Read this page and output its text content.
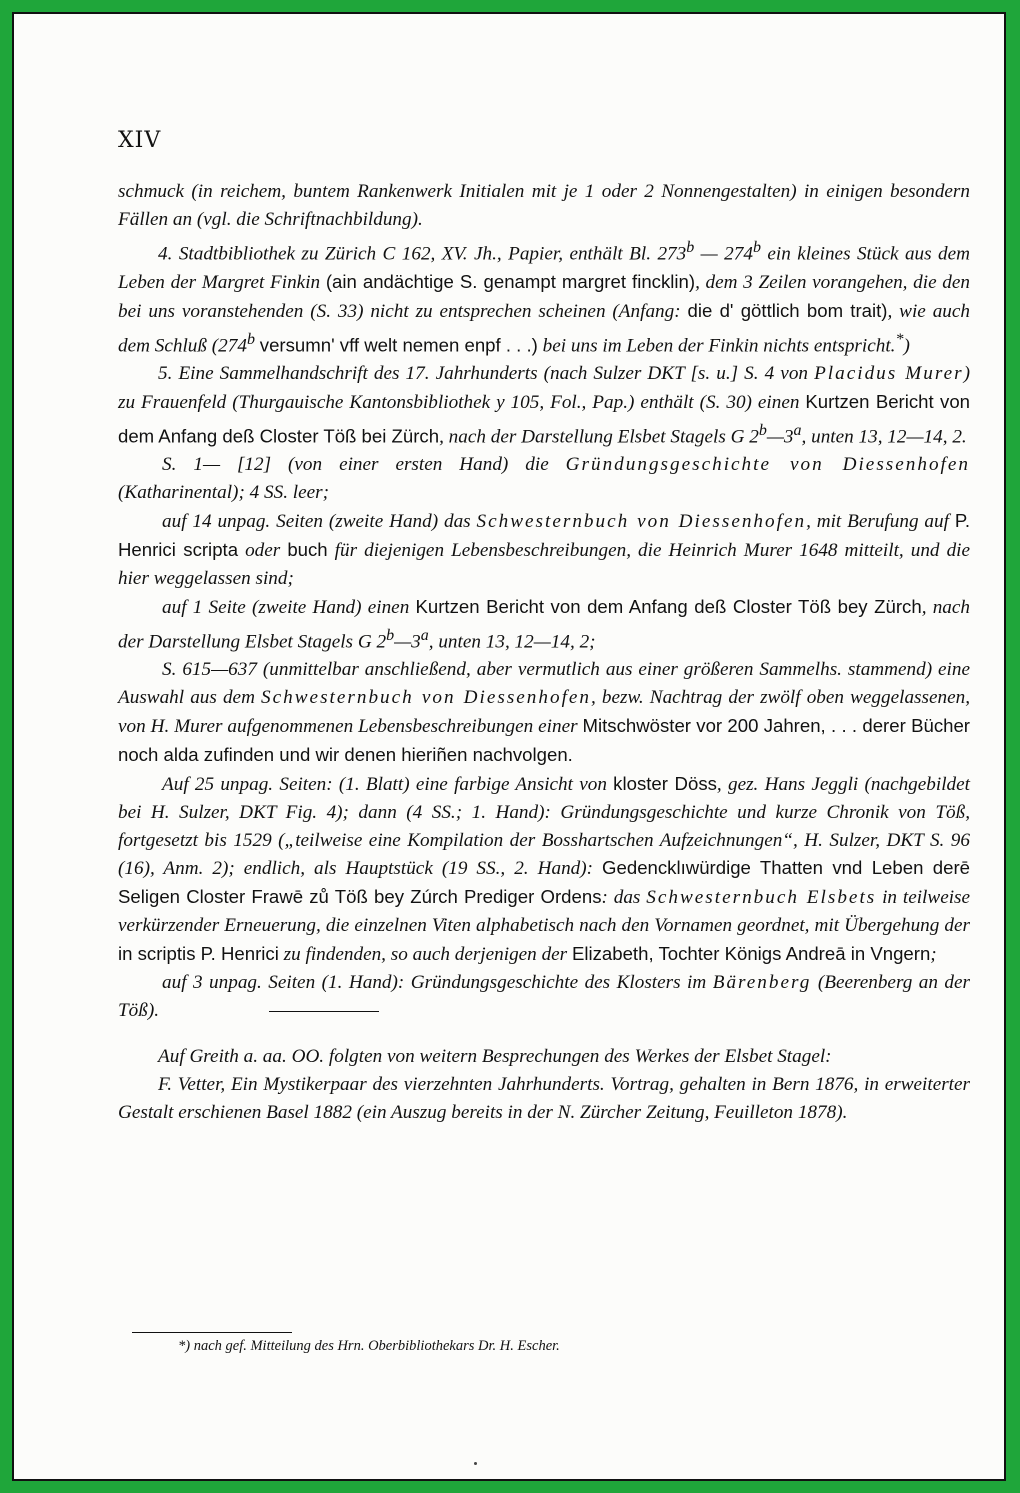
XIV

schmuck (in reichem, buntem Rankenwerk Initialen mit je 1 oder 2 Nonnengestalten) in einigen besondern Fällen an (vgl. die Schriftnachbildung).

4. Stadtbibliothek zu Zürich C 162, XV. Jh., Papier, enthält Bl. 273$^b$ — 274$^b$ ein kleines Stück aus dem Leben der Margret Finkin (ain andächtige S. genampt margret fincklin), dem 3 Zeilen vorangehen, die den bei uns voranstehenden (S. 33) nicht zu entsprechen scheinen (Anfang: die d' göttlich bom trait), wie auch dem Schluß (274$^b$ versumn' vff welt nemen enpf . . .) bei uns im Leben der Finkin nichts entspricht.*)

5. Eine Sammelhandschrift des 17. Jahrhunderts (nach Sulzer DKT [s. u.] S. 4 von Placidus Murer) zu Frauenfeld (Thurgauische Kantonsbibliothek y 105, Fol., Pap.) enthält (S. 30) einen Kurtzen Bericht von dem Anfang deß Closter Töß bei Zürch, nach der Darstellung Elsbet Stagels G 2$^b$—3$^a$, unten 13, 12—14, 2.

S. 1— [12] (von einer ersten Hand) die Gründungsgeschichte von Diessenhofen (Katharinental); 4 SS. leer;

auf 14 unpag. Seiten (zweite Hand) das Schwesternbuch von Diessenhofen, mit Berufung auf P. Henrici scripta oder buch für diejenigen Lebensbeschreibungen, die Heinrich Murer 1648 mitteilt, und die hier weggelassen sind;

auf 1 Seite (zweite Hand) einen Kurtzen Bericht von dem Anfang deß Closter Töß bey Zürch, nach der Darstellung Elsbet Stagels G 2$^b$—3$^a$, unten 13, 12—14, 2;

S. 615—637 (unmittelbar anschließend, aber vermutlich aus einer größeren Sammelhs. stammend) eine Auswahl aus dem Schwesternbuch von Diessenhofen, bezw. Nachtrag der zwölf oben weggelassenen, von H. Murer aufgenommenen Lebensbeschreibungen einer Mitschwöster vor 200 Jahren, . . . derer Bücher noch alda zufinden und wir denen hieriñen nachvolgen.

Auf 25 unpag. Seiten: (1. Blatt) eine farbige Ansicht von kloster Döss, gez. Hans Jeggli (nachgebildet bei H. Sulzer, DKT Fig. 4); dann (4 SS.; 1. Hand): Gründungsgeschichte und kurze Chronik von Töß, fortgesetzt bis 1529 („teilweise eine Kompilation der Bosshartschen Aufzeichnungen“, H. Sulzer, DKT S. 96 (16), Anm. 2); endlich, als Hauptstück (19 SS., 2. Hand): Gedencklıwürdige Thatten vnd Leben derē Seligen Closter Frawē zů Töß bey Zúrch Prediger Ordens: das Schwesternbuch Elsbets in teilweise verkürzender Erneuerung, die einzelnen Viten alphabetisch nach den Vornamen geordnet, mit Übergehung der in scriptis P. Henrici zu findenden, so auch derjenigen der Elizabeth, Tochter Königs Andreā in Vngern;

auf 3 unpag. Seiten (1. Hand): Gründungsgeschichte des Klosters im Bärenberg (Beerenberg an der Töß).

Auf Greith a. aa. OO. folgten von weitern Besprechungen des Werkes der Elsbet Stagel:

F. Vetter, Ein Mystikerpaar des vierzehnten Jahrhunderts. Vortrag, gehalten in Bern 1876, in erweiterter Gestalt erschienen Basel 1882 (ein Auszug bereits in der N. Zürcher Zeitung, Feuilleton 1878).

*) nach gef. Mitteilung des Hrn. Oberbibliothekars Dr. H. Escher.
